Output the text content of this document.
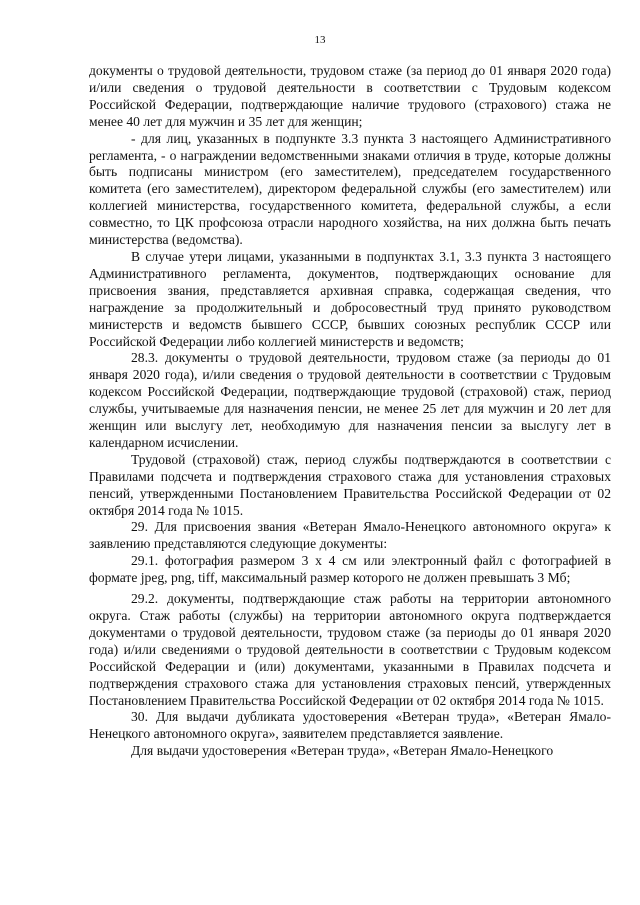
13

документы о трудовой деятельности, трудовом стаже (за период до 01 января 2020 года) и/или сведения о трудовой деятельности в соответствии с Трудовым кодексом Российской Федерации, подтверждающие наличие трудового (страхового) стажа не менее 40 лет для мужчин и 35 лет для женщин;

- для лиц, указанных в подпункте 3.3 пункта 3 настоящего Административного регламента, - о награждении ведомственными знаками отличия в труде, которые должны быть подписаны министром (его заместителем), председателем государственного комитета (его заместителем), директором федеральной службы (его заместителем) или коллегией министерства, государственного комитета, федеральной службы, а если совместно, то ЦК профсоюза отрасли народного хозяйства, на них должна быть печать министерства (ведомства).

В случае утери лицами, указанными в подпунктах 3.1, 3.3 пункта 3 настоящего Административного регламента, документов, подтверждающих основание для присвоения звания, представляется архивная справка, содержащая сведения, что награждение за продолжительный и добросовестный труд принято руководством министерств и ведомств бывшего СССР, бывших союзных республик СССР или Российской Федерации либо коллегией министерств и ведомств;

28.3. документы о трудовой деятельности, трудовом стаже (за периоды до 01 января 2020 года), и/или сведения о трудовой деятельности в соответствии с Трудовым кодексом Российской Федерации, подтверждающие трудовой (страховой) стаж, период службы, учитываемые для назначения пенсии, не менее 25 лет для мужчин и 20 лет для женщин или выслугу лет, необходимую для назначения пенсии за выслугу лет в календарном исчислении.

Трудовой (страховой) стаж, период службы подтверждаются в соответствии с Правилами подсчета и подтверждения страхового стажа для установления страховых пенсий, утвержденными Постановлением Правительства Российской Федерации от 02 октября 2014 года № 1015.

29. Для присвоения звания «Ветеран Ямало-Ненецкого автономного округа» к заявлению представляются следующие документы:

29.1. фотография размером 3 х 4 см или электронный файл с фотографией в формате jpeg, png, tiff, максимальный размер которого не должен превышать 3 Мб;

29.2. документы, подтверждающие стаж работы на территории автономного округа. Стаж работы (службы) на территории автономного округа подтверждается документами о трудовой деятельности, трудовом стаже (за периоды до 01 января 2020 года) и/или сведениями о трудовой деятельности в соответствии с Трудовым кодексом Российской Федерации и (или) документами, указанными в Правилах подсчета и подтверждения страхового стажа для установления страховых пенсий, утвержденных Постановлением Правительства Российской Федерации от 02 октября 2014 года № 1015.

30. Для выдачи дубликата удостоверения «Ветеран труда», «Ветеран Ямало-Ненецкого автономного округа», заявителем представляется заявление.

Для выдачи удостоверения «Ветеран труда», «Ветеран Ямало-Ненецкого
